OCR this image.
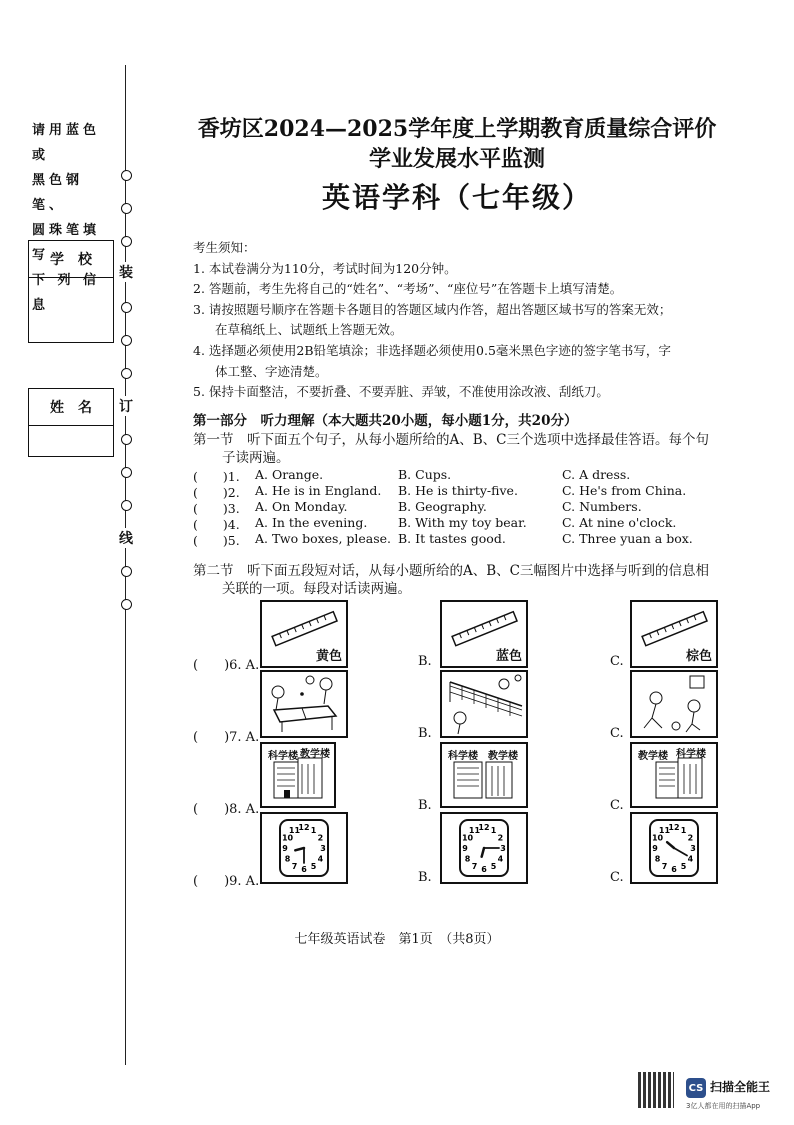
请用蓝色或
黑色钢笔、
圆珠笔填写
下 列 信 息
学　校
姓　名
装
订
线
香坊区2024—2025学年度上学期教育质量综合评价
学业发展水平监测
英语学科（七年级）

考生须知：

1. 本试卷满分为110分，考试时间为120分钟。

2. 答题前，考生先将自己的“姓名”、“考场”、“座位号”在答题卡上填写清楚。

3. 请按照题号顺序在答题卡各题目的答题区域内作答，超出答题区域书写的答案无效；

在草稿纸上、试题纸上答题无效。

4. 选择题必须使用2B铅笔填涂；非选择题必须使用0.5毫米黑色字迹的签字笔书写，字

体工整、字迹清楚。

5. 保持卡面整洁，不要折叠、不要弄脏、弄皱，不准使用涂改液、刮纸刀。

第一部分　听力理解（本大题共20小题，每小题1分，共20分）
第一节　听下面五个句子，从每小题所给的A、B、C三个选项中选择最佳答语。每个句
子读两遍。
(　　)1. A. Orange.	B. Cups.	C. A dress.
(　　)2. A. He is in England. B. He is thirty-five.	C. He's from China.
(　　)3. A. On Monday.	B. Geography.	C. Numbers.
(　　)4. A. In the evening. B. With my toy bear.	C. At nine o'clock.
(　　)5. A. Two boxes, please. B. It tastes good.	C. Three yuan a box.
第二节　听下面五段短对话，从每小题所给的A、B、C三幅图片中选择与听到的信息相
关联的一项。每段对话读两遍。
(　　)6. A.	B.	C.
黄色	蓝色	棕色
(　　)7. A.	B.	C.
(　　)8. A.	B.	C.
科学楼 教学楼	科学楼 教学楼	教学楼 科学楼
(　　)9. A.	B.	C.
12 1
2
3
4
5
6
7
8
9
10
11	12 1
2
3
4
5
6
7
8
9
10
11	12 1
2
3
4
5
6
7
8
9
10
11
七年级英语试卷　第1页　（共8页）
CS 扫描全能王
3亿人都在用的扫描App
